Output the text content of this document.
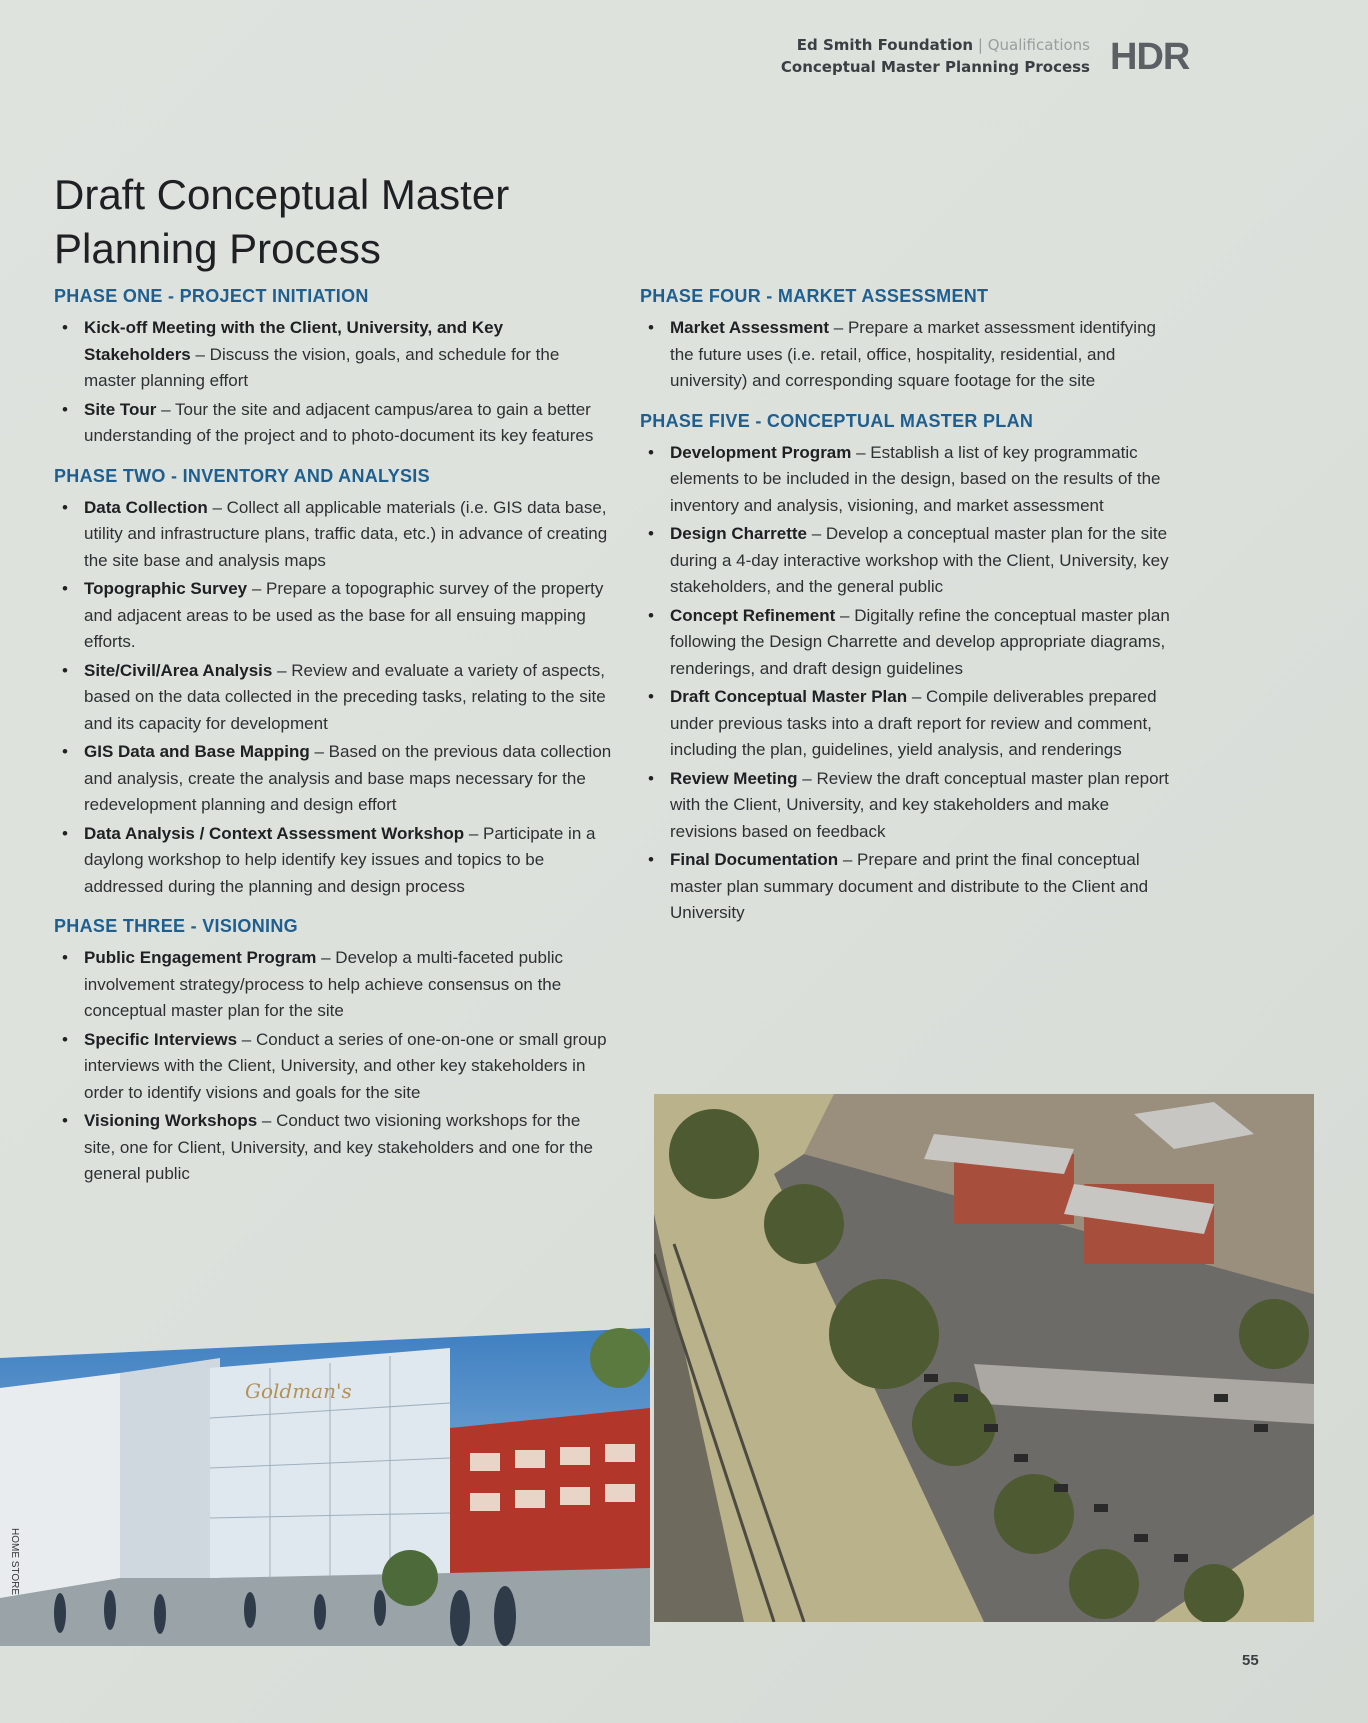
Ed Smith Foundation | Qualifications
Conceptual Master Planning Process HDR
Draft Conceptual Master
Planning Process
PHASE ONE - PROJECT INITIATION
• Kick-off Meeting with the Client, University, and Key Stakeholders – Discuss the vision, goals, and schedule for the master planning effort
• Site Tour – Tour the site and adjacent campus/area to gain a better understanding of the project and to photo-document its key features
PHASE TWO - INVENTORY AND ANALYSIS
• Data Collection – Collect all applicable materials (i.e. GIS data base, utility and infrastructure plans, traffic data, etc.) in advance of creating the site base and analysis maps
• Topographic Survey – Prepare a topographic survey of the property and adjacent areas to be used as the base for all ensuing mapping efforts.
• Site/Civil/Area Analysis – Review and evaluate a variety of aspects, based on the data collected in the preceding tasks, relating to the site and its capacity for development
• GIS Data and Base Mapping – Based on the previous data collection and analysis, create the analysis and base maps necessary for the redevelopment planning and design effort
• Data Analysis / Context Assessment Workshop – Participate in a daylong workshop to help identify key issues and topics to be addressed during the planning and design process
PHASE THREE - VISIONING
• Public Engagement Program – Develop a multi-faceted public involvement strategy/process to help achieve consensus on the conceptual master plan for the site
• Specific Interviews – Conduct a series of one-on-one or small group interviews with the Client, University, and other key stakeholders in order to identify visions and goals for the site
• Visioning Workshops – Conduct two visioning workshops for the site, one for Client, University, and key stakeholders and one for the general public
PHASE FOUR - MARKET ASSESSMENT
• Market Assessment – Prepare a market assessment identifying the future uses (i.e. retail, office, hospitality, residential, and university) and corresponding square footage for the site
PHASE FIVE - CONCEPTUAL MASTER PLAN
• Development Program – Establish a list of key programmatic elements to be included in the design, based on the results of the inventory and analysis, visioning, and market assessment
• Design Charrette – Develop a conceptual master plan for the site during a 4-day interactive workshop with the Client, University, key stakeholders, and the general public
• Concept Refinement – Digitally refine the conceptual master plan following the Design Charrette and develop appropriate diagrams, renderings, and draft design guidelines
• Draft Conceptual Master Plan – Compile deliverables prepared under previous tasks into a draft report for review and comment, including the plan, guidelines, yield analysis, and renderings
• Review Meeting – Review the draft conceptual master plan report with the Client, University, and key stakeholders and make revisions based on feedback
• Final Documentation – Prepare and print the final conceptual master plan summary document and distribute to the Client and University
Goldman's
HOME STORE
55
